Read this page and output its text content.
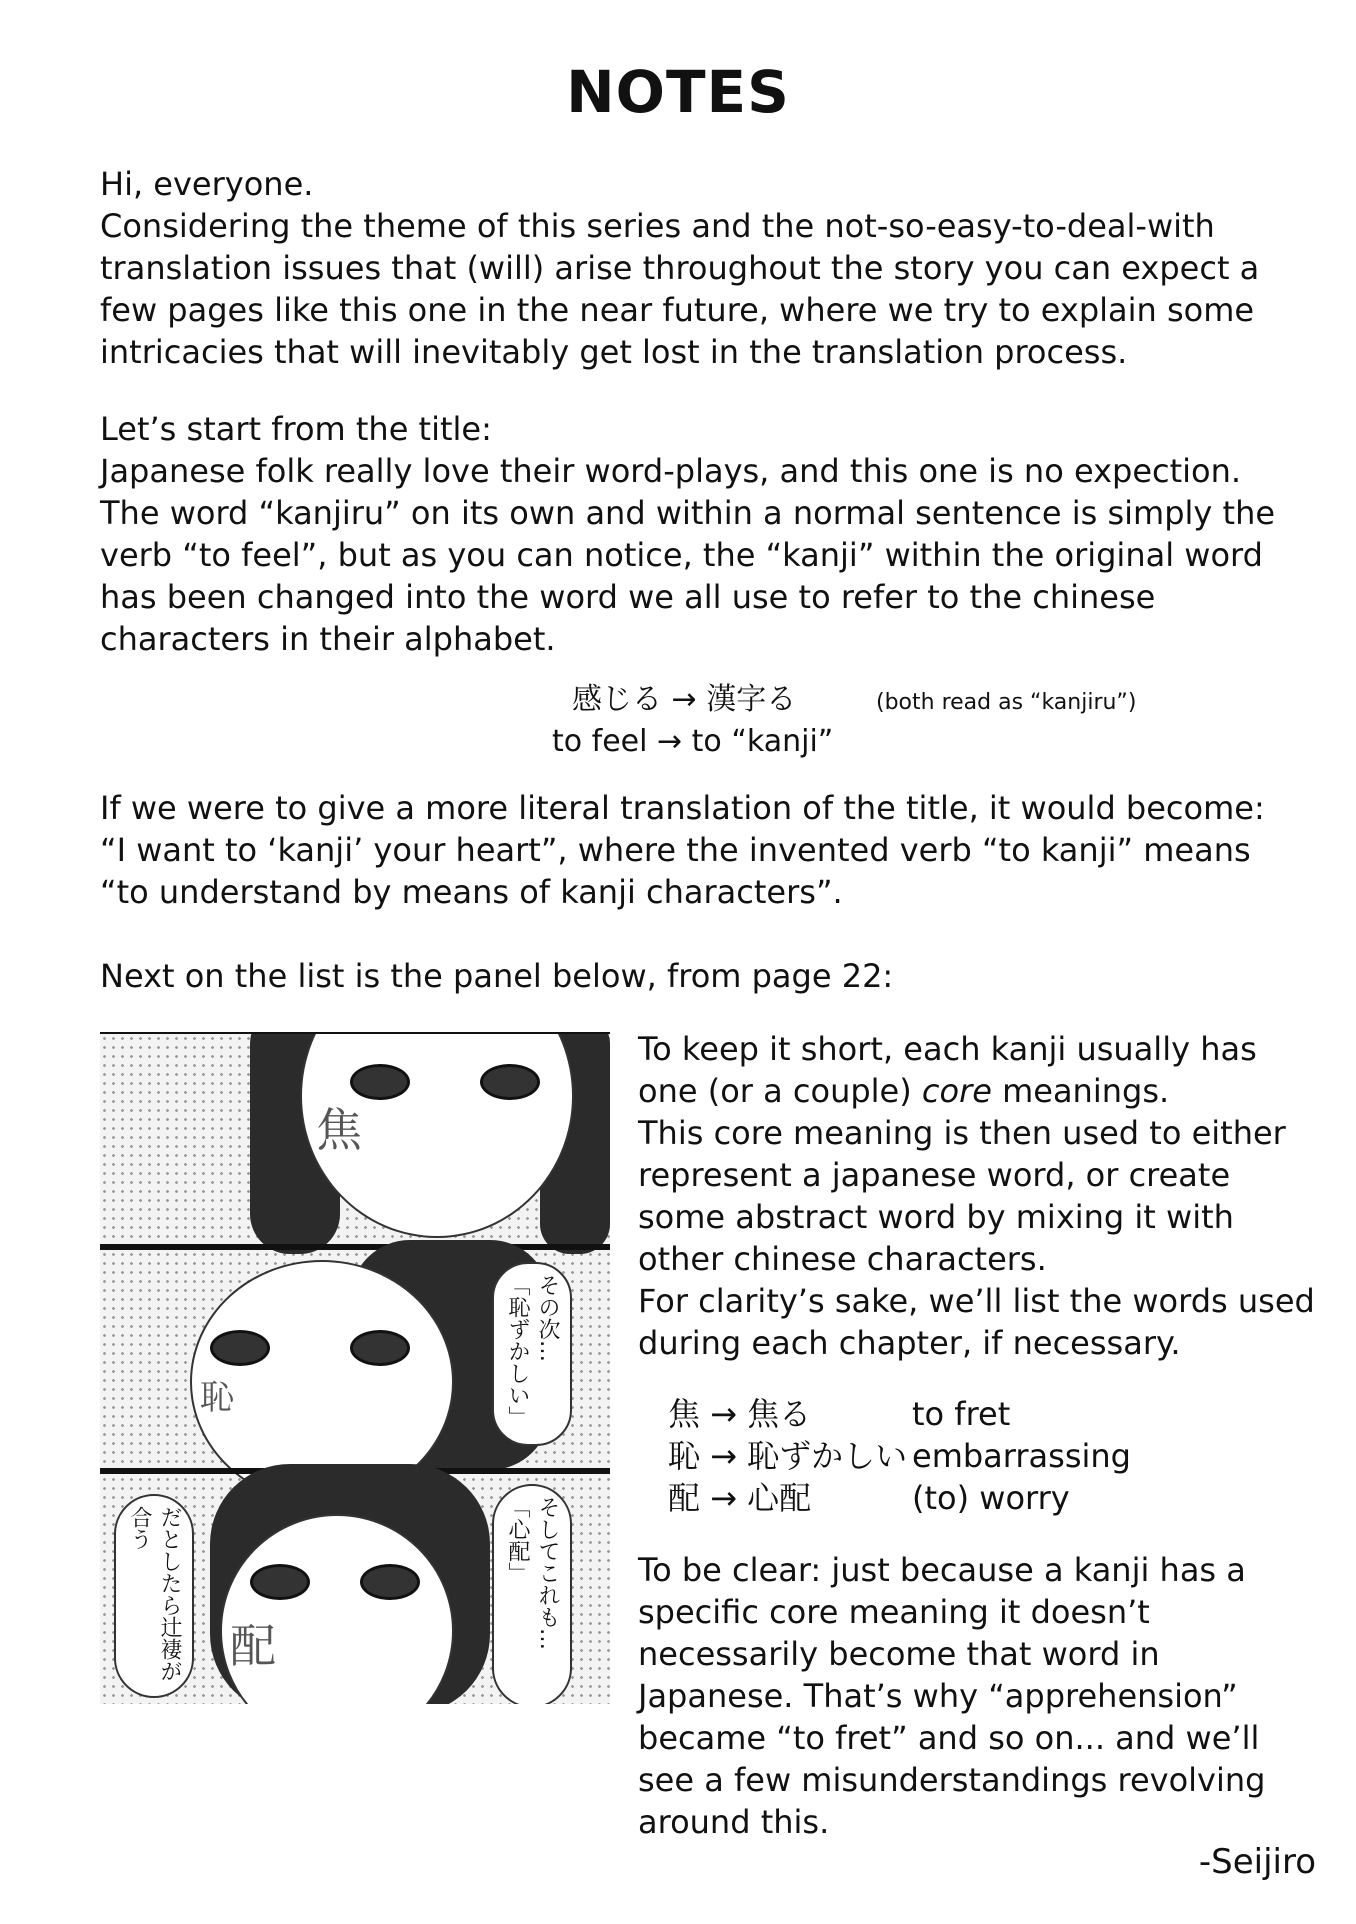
NOTES

Hi, everyone.

Considering the theme of this series and the not-so-easy-to-deal-with translation issues that (will) arise throughout the story you can expect a few pages like this one in the near future, where we try to explain some intricacies that will inevitably get lost in the translation process.

Let’s start from the title:

Japanese folk really love their word-plays, and this one is no expection. The word “kanjiru” on its own and within a normal sentence is simply the verb “to feel”, but as you can notice, the “kanji” within the original word has been changed into the word we all use to refer to the chinese characters in their alphabet.

感じる → 漢字る	(both read as “kanjiru”)
to feel → to “kanji”

If we were to give a more literal translation of the title, it would become:

“I want to ‘kanji’ your heart”, where the invented verb “to kanji” means

“to understand by means of kanji characters”.

Next on the list is the panel below, from page 22:
焦
恥
その次…
「恥ずかしい」
配
だとしたら辻褄が合う	そしてこれも…
「心配」

To keep it short, each kanji usually has

one (or a couple) core meanings.

This core meaning is then used to either represent a japanese word, or create some abstract word by mixing it with other chinese characters.

For clarity’s sake, we’ll list the words used during each chapter, if necessary.

焦 → 焦る	to fret
恥 → 恥ずかしい embarrassing
配 → 心配	(to) worry
To be clear: just because a kanji has a specific core meaning it doesn’t necessarily become that word in Japanese. That’s why “apprehension” became “to fret” and so on... and we’ll see a few misunderstandings revolving around this.
-Seijiro
